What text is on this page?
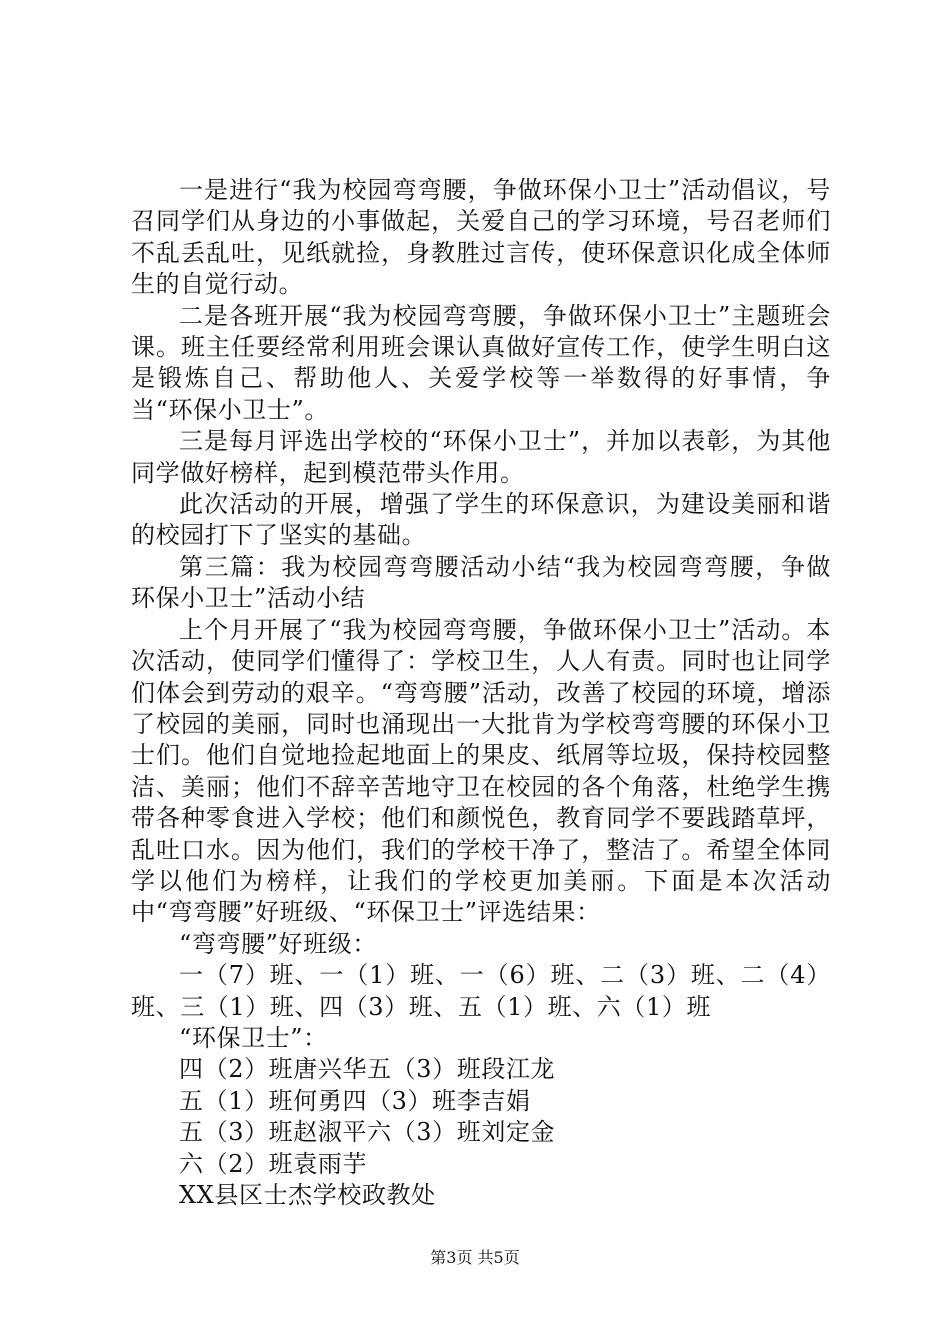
一是进行“我为校园弯弯腰，争做环保小卫士”活动倡议，号召同学们从身边的小事做起，关爱自己的学习环境，号召老师们不乱丢乱吐，见纸就捡，身教胜过言传，使环保意识化成全体师生的自觉行动。

二是各班开展“我为校园弯弯腰，争做环保小卫士”主题班会课。班主任要经常利用班会课认真做好宣传工作，使学生明白这是锻炼自己、帮助他人、关爱学校等一举数得的好事情，争当“环保小卫士”。

三是每月评选出学校的“环保小卫士”，并加以表彰，为其他同学做好榜样，起到模范带头作用。

此次活动的开展，增强了学生的环保意识，为建设美丽和谐的校园打下了坚实的基础。

第三篇：我为校园弯弯腰活动小结“我为校园弯弯腰，争做环保小卫士”活动小结

上个月开展了“我为校园弯弯腰，争做环保小卫士”活动。本次活动，使同学们懂得了：学校卫生，人人有责。同时也让同学们体会到劳动的艰辛。“弯弯腰”活动，改善了校园的环境，增添了校园的美丽，同时也涌现出一大批肯为学校弯弯腰的环保小卫士们。他们自觉地捡起地面上的果皮、纸屑等垃圾，保持校园整洁、美丽；他们不辞辛苦地守卫在校园的各个角落，杜绝学生携带各种零食进入学校；他们和颜悦色，教育同学不要践踏草坪，乱吐口水。因为他们，我们的学校干净了，整洁了。希望全体同学以他们为榜样，让我们的学校更加美丽。下面是本次活动中“弯弯腰”好班级、“环保卫士”评选结果：

“弯弯腰”好班级：

一（7）班、一（1）班、一（6）班、二（3）班、二（4）班、三（1）班、四（3）班、五（1）班、六（1）班

“环保卫士”：

四（2）班唐兴华五（3）班段江龙

五（1）班何勇四（3）班李吉娟

五（3）班赵淑平六（3）班刘定金

六（2）班袁雨芋

XX县区士杰学校政教处

第3页 共5页
